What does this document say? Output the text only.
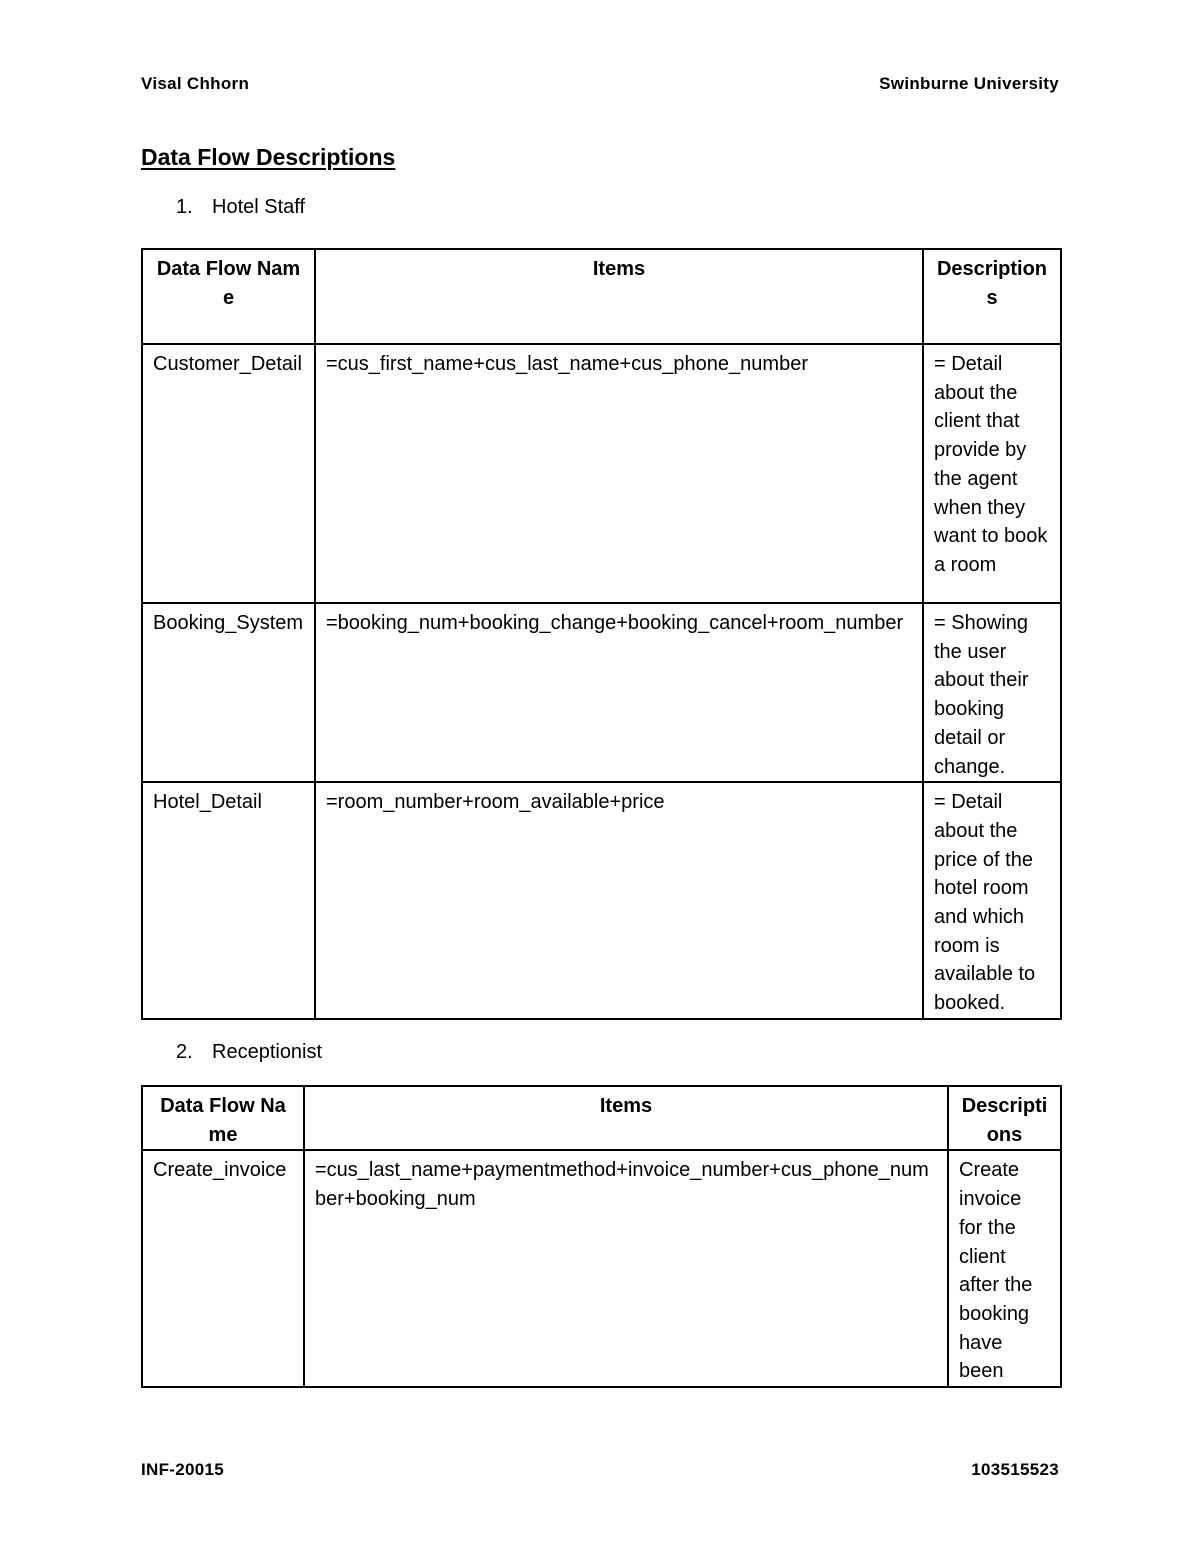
Visal Chhorn	Swinburne University
Data Flow Descriptions
1. Hotel Staff
Data Flow Name	Items	Descriptions
Customer_Detail	=cus_first_name+cus_last_name+cus_phone_number	= Detail about the client that provide by the agent when they want to book a room
Booking_System	=booking_num+booking_change+booking_cancel+room_number	= Showing the user about their booking detail or change.
Hotel_Detail	=room_number+room_available+price	= Detail about the price of the hotel room and which room is available to booked.
2. Receptionist
Data Flow Name	Items	Descriptions
Create_invoice	=cus_last_name+paymentmethod+invoice_number+cus_phone_number+booking_num	Create invoice for the client after the booking have been
INF-20015	103515523
